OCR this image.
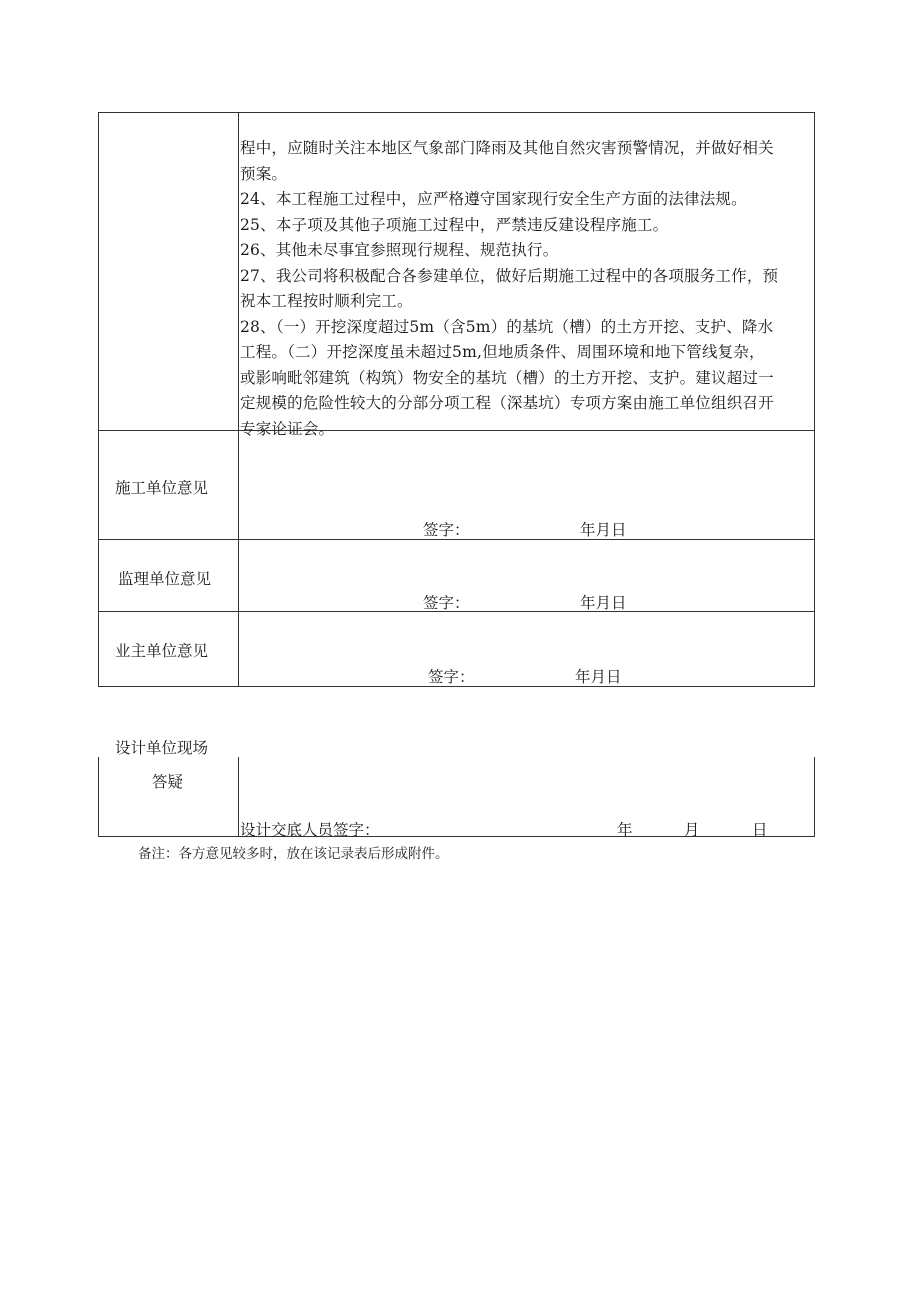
程中，应随时关注本地区气象部门降雨及其他自然灾害预警情况，并做好相关
预案。
24、本工程施工过程中，应严格遵守国家现行安全生产方面的法律法规。
25、本子项及其他子项施工过程中，严禁违反建设程序施工。
26、其他未尽事宜参照现行规程、规范执行。
27、我公司将积极配合各参建单位，做好后期施工过程中的各项服务工作，预
祝本工程按时顺利完工。
28、（一）开挖深度超过5m（含5m）的基坑（槽）的土方开挖、支护、降水
工程。（二）开挖深度虽未超过5m,但地质条件、周围环境和地下管线复杂，
或影响毗邻建筑（构筑）物安全的基坑（槽）的土方开挖、支护。建议超过一
定规模的危险性较大的分部分项工程（深基坑）专项方案由施工单位组织召开
专家论证会。
施工单位意见
签字：	年月日
监理单位意见
签字：	年月日
业主单位意见
签字：	年月日
设计单位现场
答疑
设计交底人员签字：	年	月	日
备注：各方意见较多时，放在该记录表后形成附件。
